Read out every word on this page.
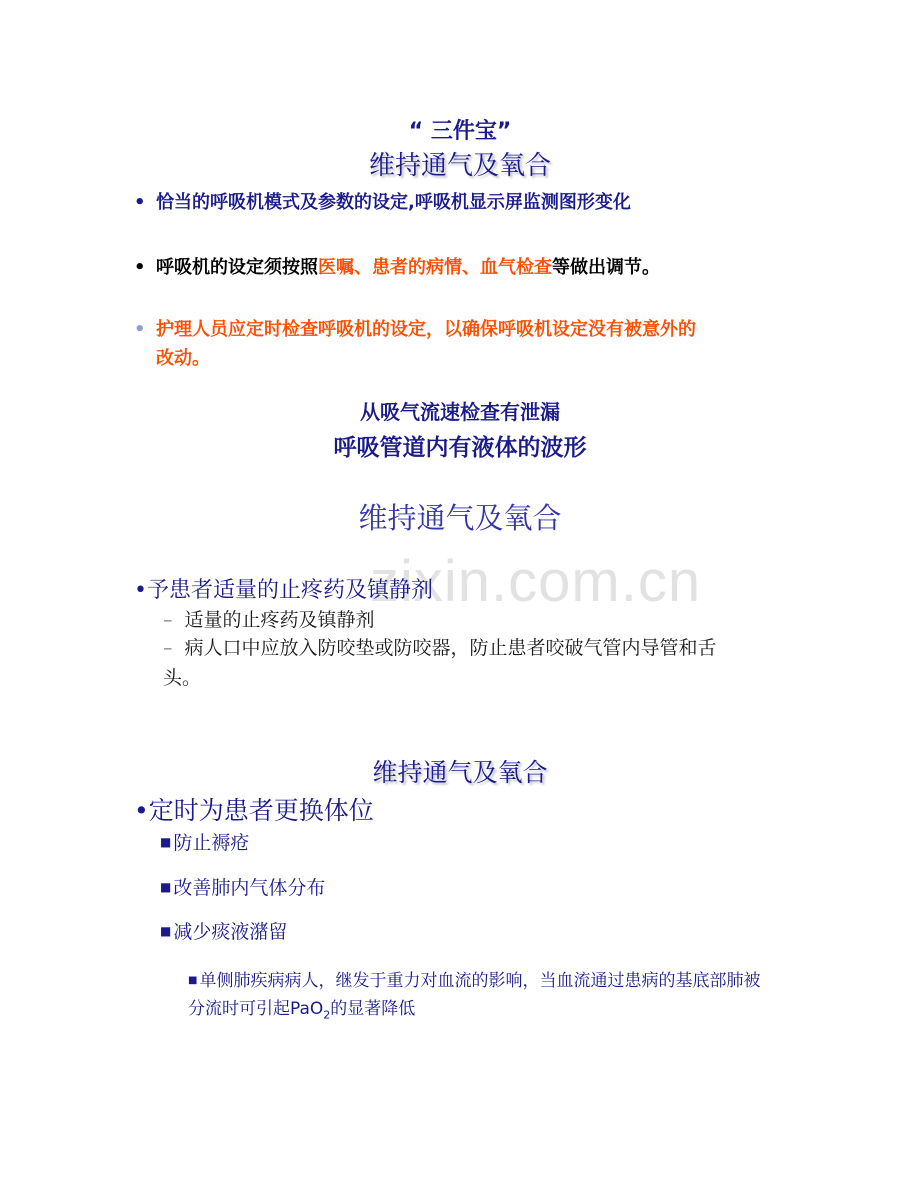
zixin.com.cn
“ 三件宝”
维持通气及氧合
• 恰当的呼吸机模式及参数的设定,呼吸机显示屏监测图形变化
• 呼吸机的设定须按照医嘱、患者的病情、血气检查等做出调节。
• 护理人员应定时检查呼吸机的设定，以确保呼吸机设定没有被意外的
改动。
从吸气流速检查有泄漏
呼吸管道内有液体的波形
维持通气及氧合
•予患者适量的止疼药及镇静剂
– 适量的止疼药及镇静剂
– 病人口中应放入防咬垫或防咬器，防止患者咬破气管内导管和舌
头。
维持通气及氧合
•定时为患者更换体位
■ 防止褥疮
■ 改善肺内气体分布
■ 减少痰液潴留
■ 单侧肺疾病病人，继发于重力对血流的影响，当血流通过患病的基底部肺被
分流时可引起PaO$_2$的显著降低
